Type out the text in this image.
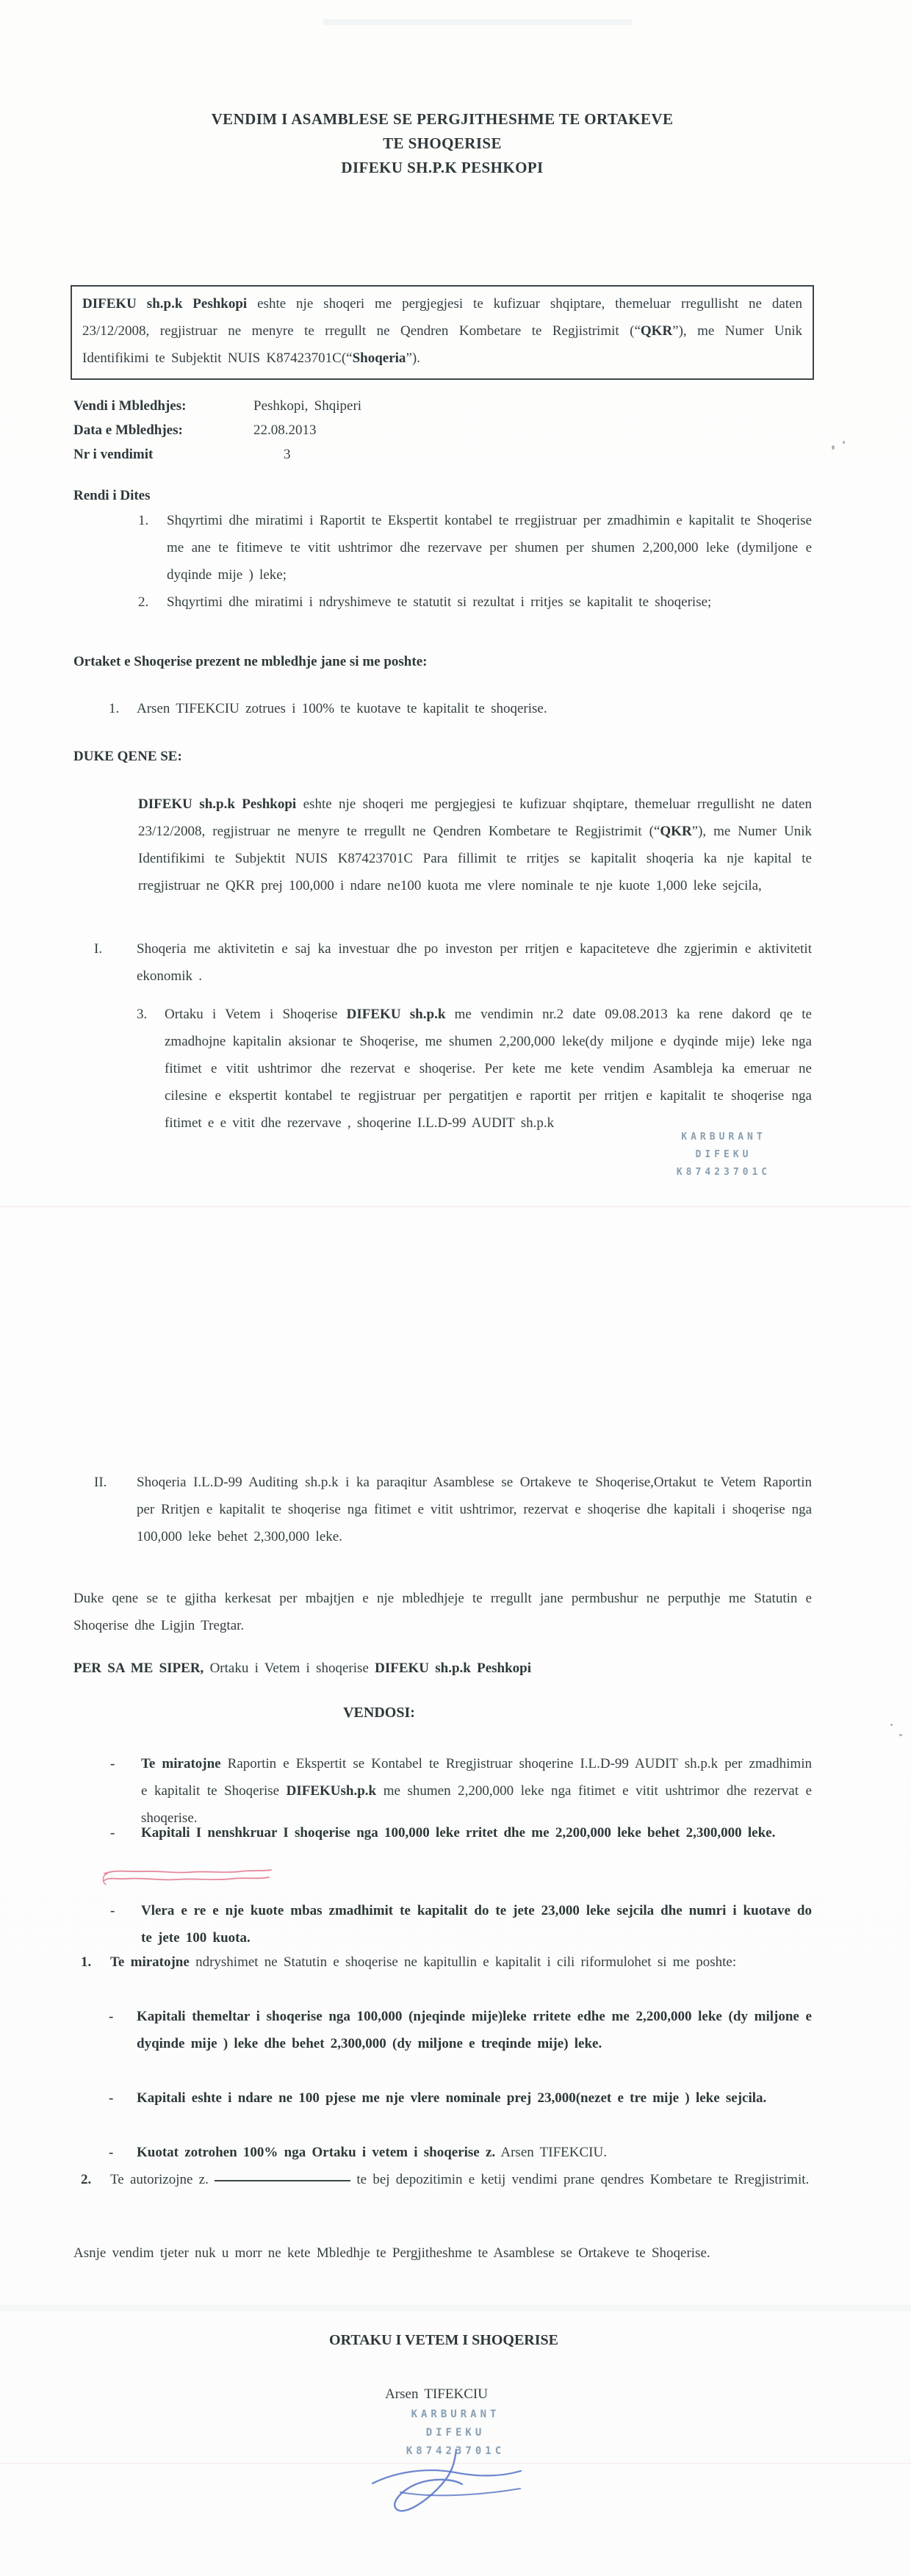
VENDIM I ASAMBLESE SE PERGJITHESHME TE ORTAKEVE
TE SHOQERISE
DIFEKU SH.P.K PESHKOPI
DIFEKU sh.p.k Peshkopi eshte nje shoqeri me pergjegjesi te kufizuar shqiptare, themeluar rregullisht ne daten 23/12/2008, regjistruar ne menyre te rregullt ne Qendren Kombetare te Regjistrimit (“QKR”), me Numer Unik Identifikimi te Subjektit NUIS K87423701C(“Shoqeria”).
Vendi i Mbledhjes:	Peshkopi, Shqiperi
Data e Mbledhjes:	22.08.2013
Nr i vendimit	3
Rendi i Dites
1. Shqyrtimi dhe miratimi i Raportit te Ekspertit kontabel te rregjistruar per zmadhimin e kapitalit te Shoqerise me ane te fitimeve te vitit ushtrimor dhe rezervave per shumen per shumen 2,200,000 leke (dymiljone e dyqinde mije ) leke;
2. Shqyrtimi dhe miratimi i ndryshimeve te statutit si rezultat i rritjes se kapitalit te shoqerise;
Ortaket e Shoqerise prezent ne mbledhje jane si me poshte:
1. Arsen TIFEKCIU zotrues i 100% te kuotave te kapitalit te shoqerise.
DUKE QENE SE:
DIFEKU sh.p.k Peshkopi eshte nje shoqeri me pergjegjesi te kufizuar shqiptare, themeluar rregullisht ne daten 23/12/2008, regjistruar ne menyre te rregullt ne Qendren Kombetare te Regjistrimit (“QKR”), me Numer Unik Identifikimi te Subjektit NUIS K87423701C Para fillimit te rritjes se kapitalit shoqeria ka nje kapital te rregjistruar ne QKR prej 100,000 i ndare ne100 kuota me vlere nominale te nje kuote 1,000 leke sejcila,
I. Shoqeria me aktivitetin e saj ka investuar dhe po investon per rritjen e kapaciteteve dhe zgjerimin e aktivitetit ekonomik .
3. Ortaku i Vetem i Shoqerise DIFEKU sh.p.k me vendimin nr.2 date 09.08.2013 ka rene dakord qe te zmadhojne kapitalin aksionar te Shoqerise, me shumen 2,200,000 leke(dy miljone e dyqinde mije) leke nga fitimet e vitit ushtrimor dhe rezervat e shoqerise. Per kete me kete vendim Asambleja ka emeruar ne cilesine e ekspertit kontabel te regjistruar per pergatitjen e raportit per rritjen e kapitalit te shoqerise nga fitimet e e vitit dhe rezervave , shoqerine I.L.D-99 AUDIT sh.p.k
KARBURANT
DIFEKU
K87423701C
II. Shoqeria I.L.D-99 Auditing sh.p.k i ka paraqitur Asamblese se Ortakeve te Shoqerise,Ortakut te Vetem Raportin per Rritjen e kapitalit te shoqerise nga fitimet e vitit ushtrimor, rezervat e shoqerise dhe kapitali i shoqerise nga 100,000 leke behet 2,300,000 leke.
Duke qene se te gjitha kerkesat per mbajtjen e nje mbledhjeje te rregullt jane permbushur ne perputhje me Statutin e Shoqerise dhe Ligjin Tregtar.
PER SA ME SIPER, Ortaku i Vetem i shoqerise DIFEKU sh.p.k Peshkopi
VENDOSI:
- Te miratojne Raportin e Ekspertit se Kontabel te Rregjistruar shoqerine I.L.D-99 AUDIT sh.p.k per zmadhimin e kapitalit te Shoqerise DIFEKUsh.p.k me shumen 2,200,000 leke nga fitimet e vitit ushtrimor dhe rezervat e shoqerise.
- Kapitali I nenshkruar I shoqerise nga 100,000 leke rritet dhe me 2,200,000 leke behet 2,300,000 leke.
- Vlera e re e nje kuote mbas zmadhimit te kapitalit do te jete 23,000 leke sejcila dhe numri i kuotave do te jete 100 kuota.
1. Te miratojne ndryshimet ne Statutin e shoqerise ne kapitullin e kapitalit i cili riformulohet si me poshte:
- Kapitali themeltar i shoqerise nga 100,000 (njeqinde mije)leke rritete edhe me 2,200,000 leke (dy miljone e dyqinde mije ) leke dhe behet 2,300,000 (dy miljone e treqinde mije) leke.
- Kapitali eshte i ndare ne 100 pjese me nje vlere nominale prej 23,000(nezet e tre mije ) leke sejcila.
- Kuotat zotrohen 100% nga Ortaku i vetem i shoqerise z. Arsen TIFEKCIU.
2. Te autorizojne z.	te bej depozitimin e ketij vendimi prane qendres Kombetare te Rregjistrimit.
Asnje vendim tjeter nuk u morr ne kete Mbledhje te Pergjitheshme te Asamblese se Ortakeve te Shoqerise.
ORTAKU I VETEM I SHOQERISE
Arsen TIFEKCIU
KARBURANT
DIFEKU
K87423701C
